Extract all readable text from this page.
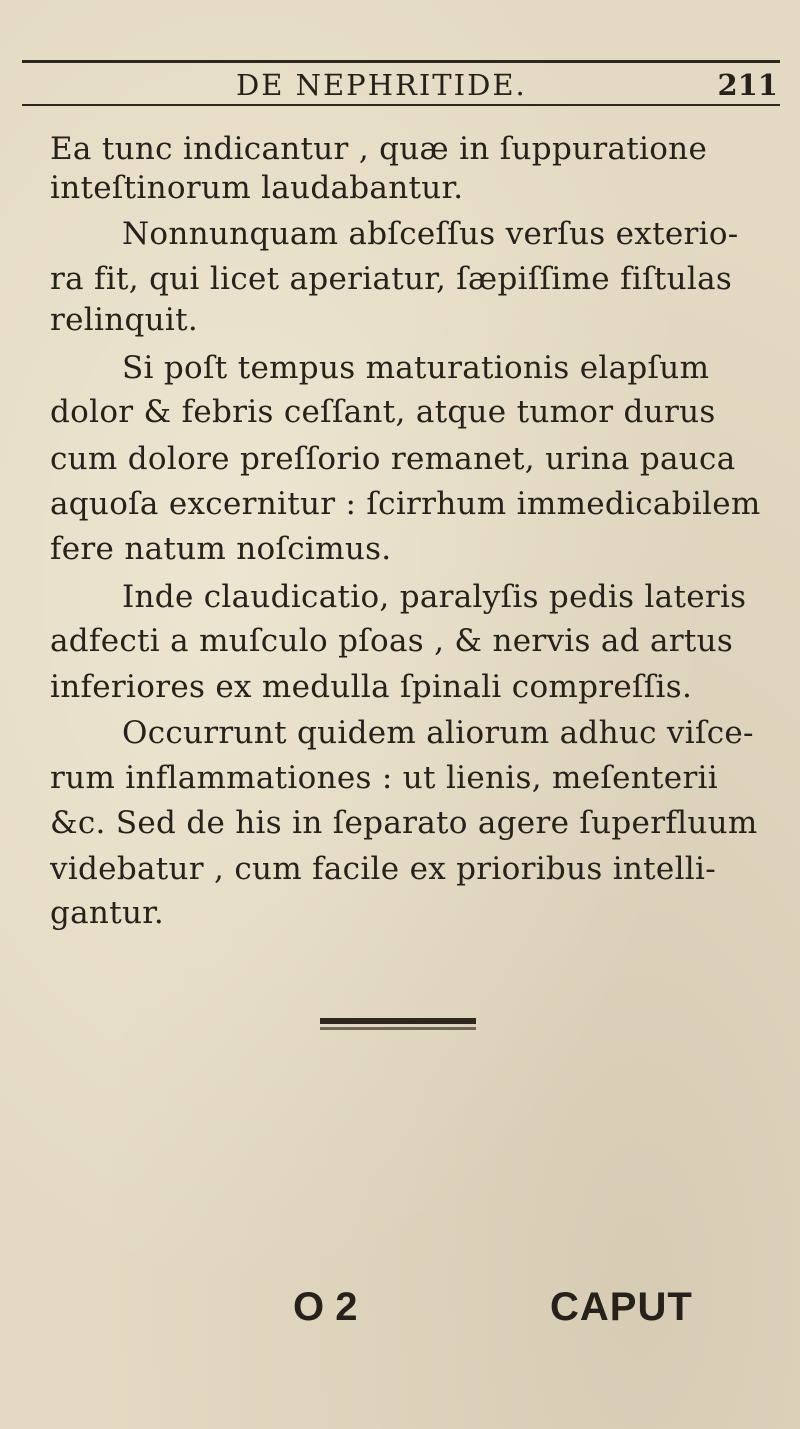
DE NEPHRITIDE.	211
Ea tunc indicantur , quæ in ſuppuratione
inteſtinorum laudabantur.
Nonnunquam abſceſſus verſus exterio-
ra fit, qui licet aperiatur, ſæpiſſime fiſtulas
relinquit.
Si poſt tempus maturationis elapſum
dolor & febris ceſſant, atque tumor durus
cum dolore preſſorio remanet, urina pauca
aquoſa excernitur : ſcirrhum immedicabilem
fere natum noſcimus.
Inde claudicatio, paralyſis pedis lateris
adfecti a muſculo pſoas , & nervis ad artus
inferiores ex medulla ſpinali compreſſis.
Occurrunt quidem aliorum adhuc viſce-
rum inflammationes : ut lienis, meſenterii
&c. Sed de his in ſeparato agere ſuperfluum
videbatur , cum facile ex prioribus intelli-
gantur.
O 2	CAPUT
